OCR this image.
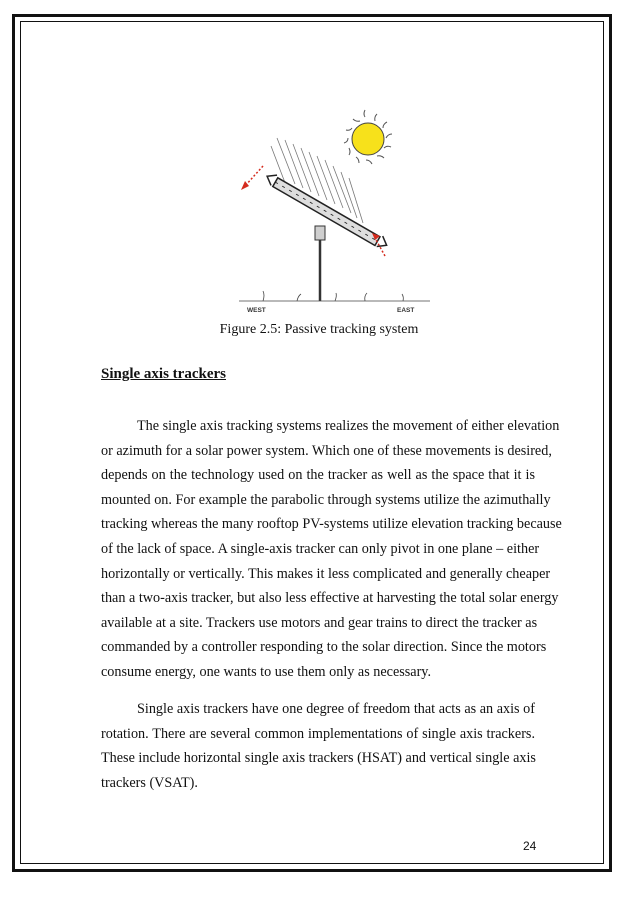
WEST	EAST
Figure 2.5: Passive tracking system
Single axis trackers

The single axis tracking systems realizes the movement of either elevation
or azimuth for a solar power system. Which one of these movements is desired,
depends on the technology used on the tracker as well as the space that it is
mounted on. For example the parabolic through systems utilize the azimuthally
tracking whereas the many rooftop PV-systems utilize elevation tracking because
of the lack of space. A single-axis tracker can only pivot in one plane – either
horizontally or vertically. This makes it less complicated and generally cheaper
than a two-axis tracker, but also less effective at harvesting the total solar energy
available at a site. Trackers use motors and gear trains to direct the tracker as
commanded by a controller responding to the solar direction. Since the motors
consume energy, one wants to use them only as necessary.

Single axis trackers have one degree of freedom that acts as an axis of
rotation. There are several common implementations of single axis trackers.
These include horizontal single axis trackers (HSAT) and vertical single axis
trackers (VSAT).

24
